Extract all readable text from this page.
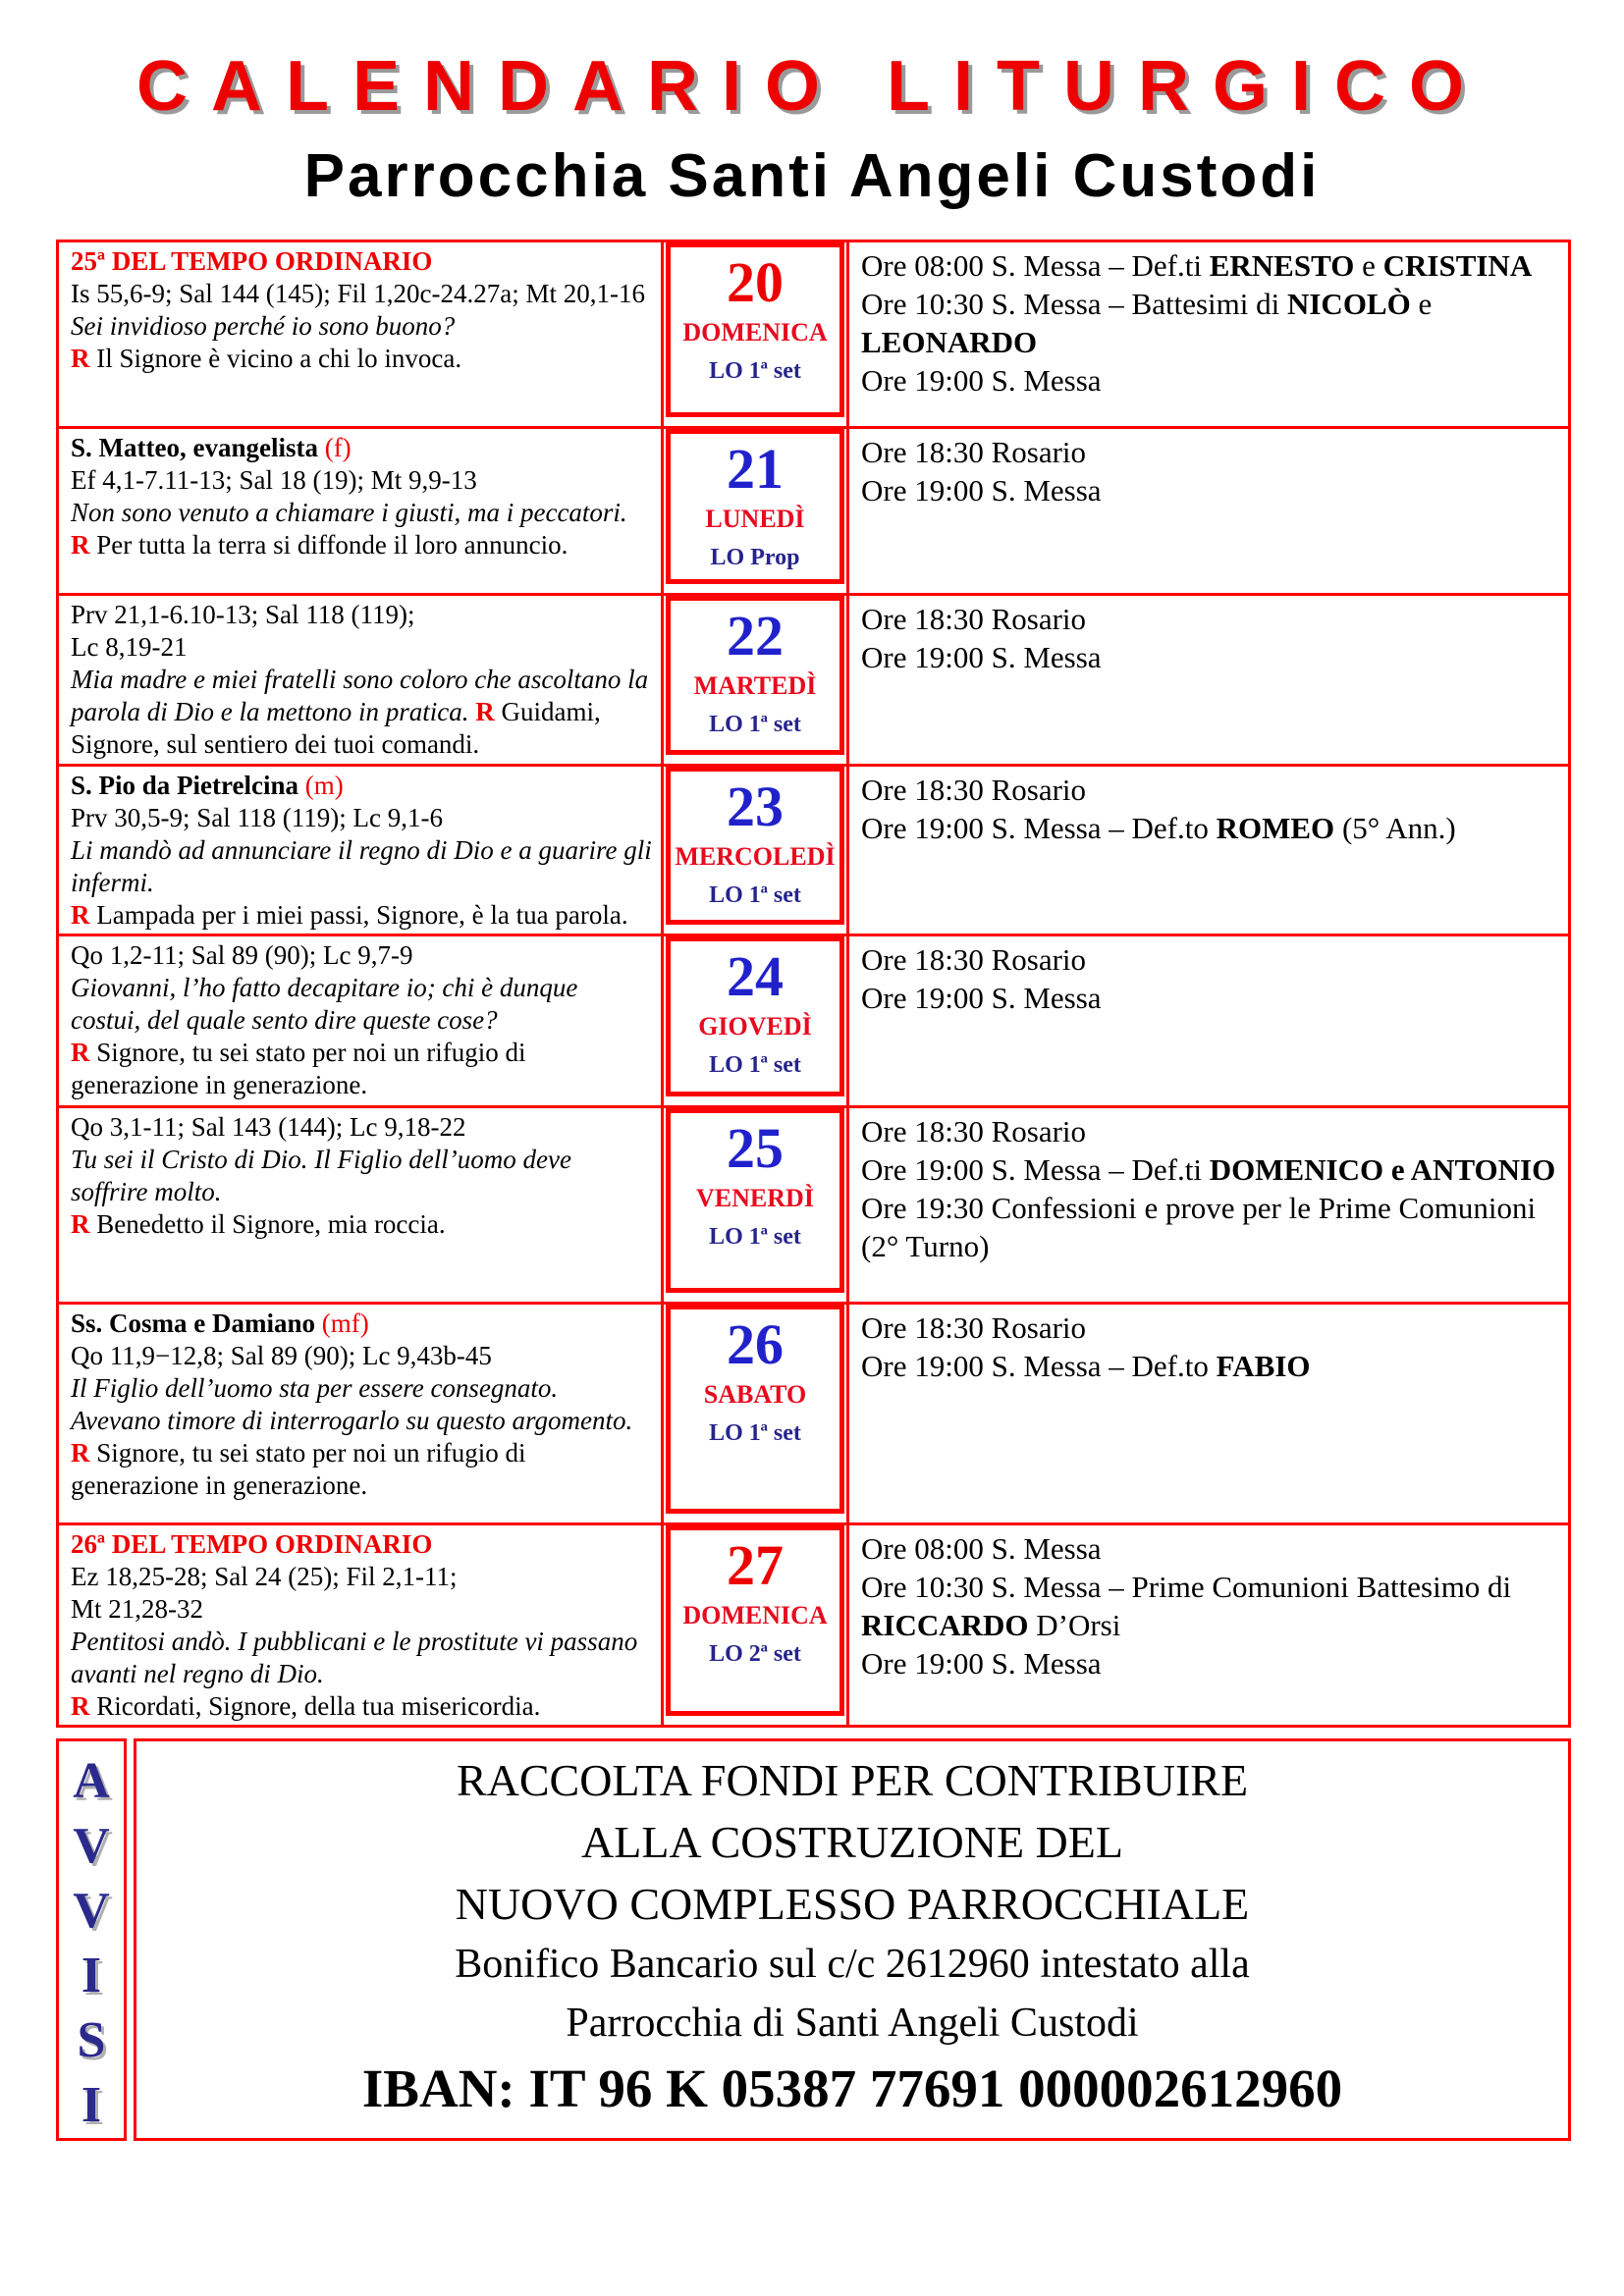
CALENDARIO LITURGICO
Parrocchia Santi Angeli Custodi

25ª DEL TEMPO ORDINARIO

Is 55,6-9; Sal 144 (145); Fil 1,20c-24.27a; Mt 20,1-16

Sei invidioso perché io sono buono?

R Il Signore è vicino a chi lo invoca.

20
DOMENICA
LO 1ª set

Ore 08:00 S. Messa – Def.ti ERNESTO e CRISTINA

Ore 10:30 S. Messa – Battesimi di NICOLÒ e LEONARDO

Ore 19:00 S. Messa

S. Matteo, evangelista (f)

Ef 4,1-7.11-13; Sal 18 (19); Mt 9,9-13

Non sono venuto a chiamare i giusti, ma i peccatori.

R Per tutta la terra si diffonde il loro annuncio.

21
LUNEDÌ
LO Prop

Ore 18:30 Rosario

Ore 19:00 S. Messa

Prv 21,1-6.10-13; Sal 118 (119);
Lc 8,19-21

Mia madre e miei fratelli sono coloro che ascoltano la parola di Dio e la mettono in pratica. R Guidami, Signore, sul sentiero dei tuoi comandi.

22
MARTEDÌ
LO 1ª set

Ore 18:30 Rosario

Ore 19:00 S. Messa

S. Pio da Pietrelcina (m)

Prv 30,5-9; Sal 118 (119); Lc 9,1-6

Li mandò ad annunciare il regno di Dio e a guarire gli infermi.

R Lampada per i miei passi, Signore, è la tua parola.

23
MERCOLEDÌ
LO 1ª set

Ore 18:30 Rosario

Ore 19:00 S. Messa – Def.to ROMEO (5° Ann.)

Qo 1,2-11; Sal 89 (90); Lc 9,7-9

Giovanni, l’ho fatto decapitare io; chi è dunque costui, del quale sento dire queste cose?

R Signore, tu sei stato per noi un rifugio di generazione in generazione.

24
GIOVEDÌ
LO 1ª set

Ore 18:30 Rosario

Ore 19:00 S. Messa

Qo 3,1-11; Sal 143 (144); Lc 9,18-22

Tu sei il Cristo di Dio. Il Figlio dell’uomo deve soffrire molto.

R Benedetto il Signore, mia roccia.

25
VENERDÌ
LO 1ª set

Ore 18:30 Rosario

Ore 19:00 S. Messa – Def.ti DOMENICO e ANTONIO

Ore 19:30 Confessioni e prove per le Prime Comunioni (2° Turno)

Ss. Cosma e Damiano (mf)

Qo 11,9−12,8; Sal 89 (90); Lc 9,43b-45

Il Figlio dell’uomo sta per essere consegnato. Avevano timore di interrogarlo su questo argomento.

R Signore, tu sei stato per noi un rifugio di generazione in generazione.

26
SABATO
LO 1ª set

Ore 18:30 Rosario

Ore 19:00 S. Messa – Def.to FABIO

26ª DEL TEMPO ORDINARIO

Ez 18,25-28; Sal 24 (25); Fil 2,1-11;
Mt 21,28-32

Pentitosi andò. I pubblicani e le prostitute vi passano avanti nel regno di Dio.

R Ricordati, Signore, della tua misericordia.

27
DOMENICA
LO 2ª set

Ore 08:00 S. Messa

Ore 10:30 S. Messa – Prime Comunioni Battesimo di RICCARDO D’Orsi

Ore 19:00 S. Messa

A
V
V
I
S
I

RACCOLTA FONDI PER CONTRIBUIRE

ALLA COSTRUZIONE DEL

NUOVO COMPLESSO PARROCCHIALE

Bonifico Bancario sul c/c 2612960 intestato alla

Parrocchia di Santi Angeli Custodi

IBAN: IT 96 K 05387 77691 000002612960
